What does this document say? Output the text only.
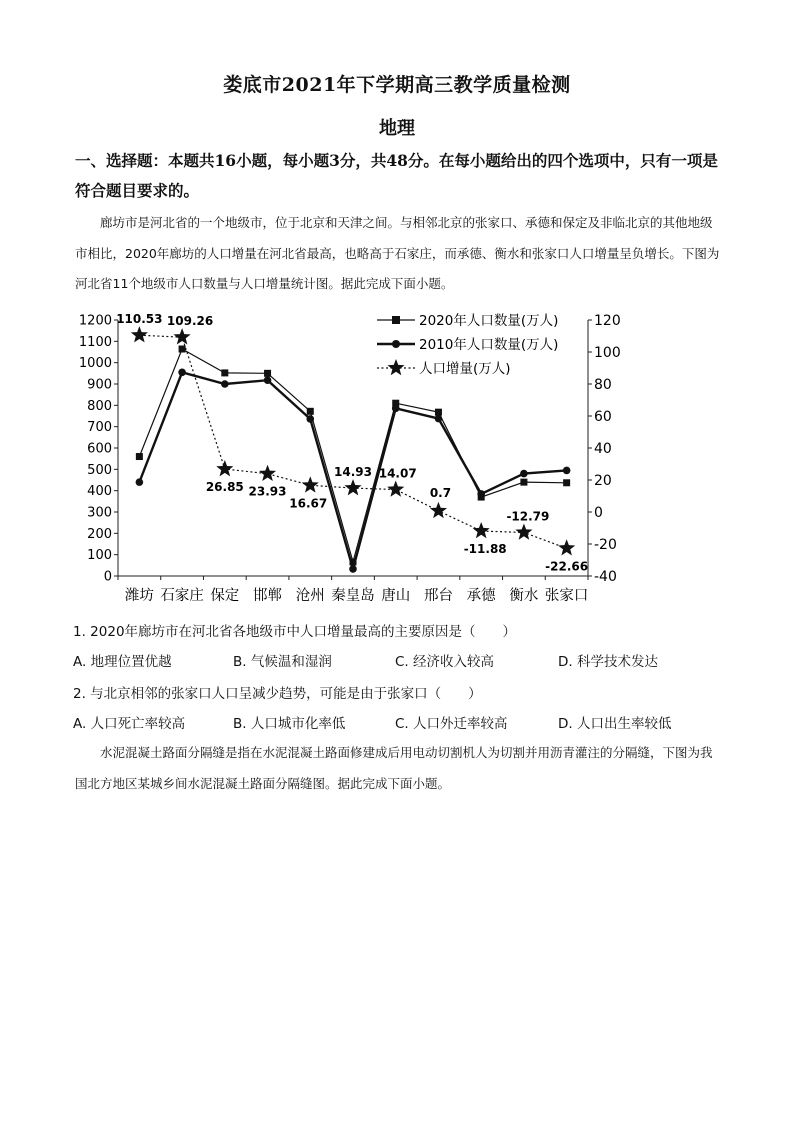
娄底市2021年下学期高三教学质量检测
地理
一、选择题：本题共16小题，每小题3分，共48分。在每小题给出的四个选项中，只有一项是符合题目要求的。
廊坊市是河北省的一个地级市，位于北京和天津之间。与相邻北京的张家口、承德和保定及非临北京的其他地级市相比，2020年廊坊的人口增量在河北省最高，也略高于石家庄，而承德、衡水和张家口人口增量呈负增长。下图为河北省11个地级市人口数量与人口增量统计图。据此完成下面小题。
0
100
200
300
400
500
600
700
800
900
1000
1100
1200
-40
-20
0
20
40
60
80
100
120
潍坊 石家庄 保定 邯郸 沧州 秦皇岛 唐山 邢台 承德 衡水 张家口
110.53 109.26
26.85 23.93
16.67
14.93 14.07
0.7
-11.88
-12.79
-22.66
2020年人口数量(万人)
2010年人口数量(万人)
人口增量(万人)
1. 2020年廊坊市在河北省各地级市中人口增量最高的主要原因是（　　）
A. 地理位置优越	B. 气候温和湿润	C. 经济收入较高	D. 科学技术发达
2. 与北京相邻的张家口人口呈减少趋势，可能是由于张家口（　　）
A. 人口死亡率较高	B. 人口城市化率低	C. 人口外迁率较高	D. 人口出生率较低
水泥混凝土路面分隔缝是指在水泥混凝土路面修建成后用电动切割机人为切割并用沥青灌注的分隔缝，下图为我国北方地区某城乡间水泥混凝土路面分隔缝图。据此完成下面小题。
